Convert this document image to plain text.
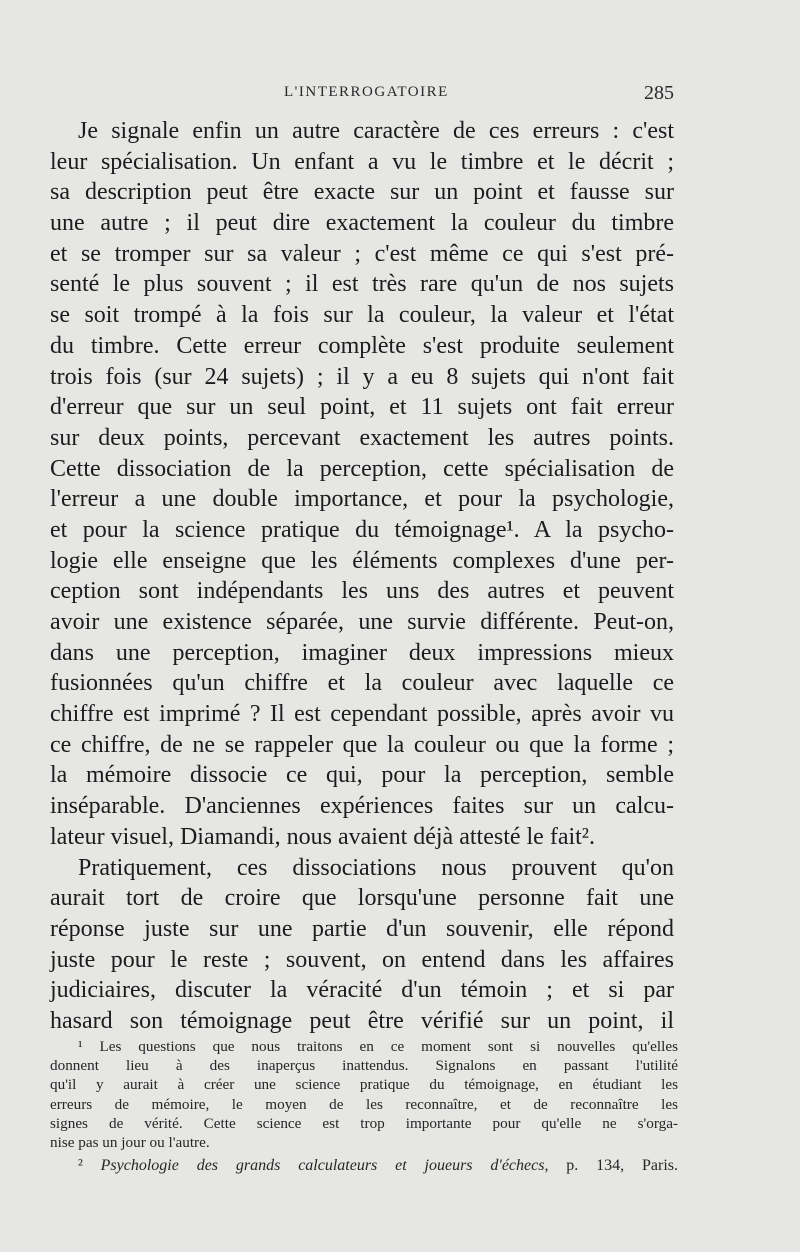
L'INTERROGATOIRE	285
Je signale enfin un autre caractère de ces erreurs : c'est
leur spécialisation. Un enfant a vu le timbre et le décrit ;
sa description peut être exacte sur un point et fausse sur
une autre ; il peut dire exactement la couleur du timbre
et se tromper sur sa valeur ; c'est même ce qui s'est pré-
senté le plus souvent ; il est très rare qu'un de nos sujets
se soit trompé à la fois sur la couleur, la valeur et l'état
du timbre. Cette erreur complète s'est produite seulement
trois fois (sur 24 sujets) ; il y a eu 8 sujets qui n'ont fait
d'erreur que sur un seul point, et 11 sujets ont fait erreur
sur deux points, percevant exactement les autres points.
Cette dissociation de la perception, cette spécialisation de
l'erreur a une double importance, et pour la psychologie,
et pour la science pratique du témoignage¹. A la psycho-
logie elle enseigne que les éléments complexes d'une per-
ception sont indépendants les uns des autres et peuvent
avoir une existence séparée, une survie différente. Peut-on,
dans une perception, imaginer deux impressions mieux
fusionnées qu'un chiffre et la couleur avec laquelle ce
chiffre est imprimé ? Il est cependant possible, après avoir vu
ce chiffre, de ne se rappeler que la couleur ou que la forme ;
la mémoire dissocie ce qui, pour la perception, semble
inséparable. D'anciennes expériences faites sur un calcu-
lateur visuel, Diamandi, nous avaient déjà attesté le fait².
Pratiquement, ces dissociations nous prouvent qu'on
aurait tort de croire que lorsqu'une personne fait une
réponse juste sur une partie d'un souvenir, elle répond
juste pour le reste ; souvent, on entend dans les affaires
judiciaires, discuter la véracité d'un témoin ; et si par
hasard son témoignage peut être vérifié sur un point, il
¹ Les questions que nous traitons en ce moment sont si nouvelles qu'elles
donnent lieu à des inaperçus inattendus. Signalons en passant l'utilité
qu'il y aurait à créer une science pratique du témoignage, en étudiant les
erreurs de mémoire, le moyen de les reconnaître, et de reconnaître les
signes de vérité. Cette science est trop importante pour qu'elle ne s'orga-
nise pas un jour ou l'autre.
² Psychologie des grands calculateurs et joueurs d'échecs, p. 134, Paris.
